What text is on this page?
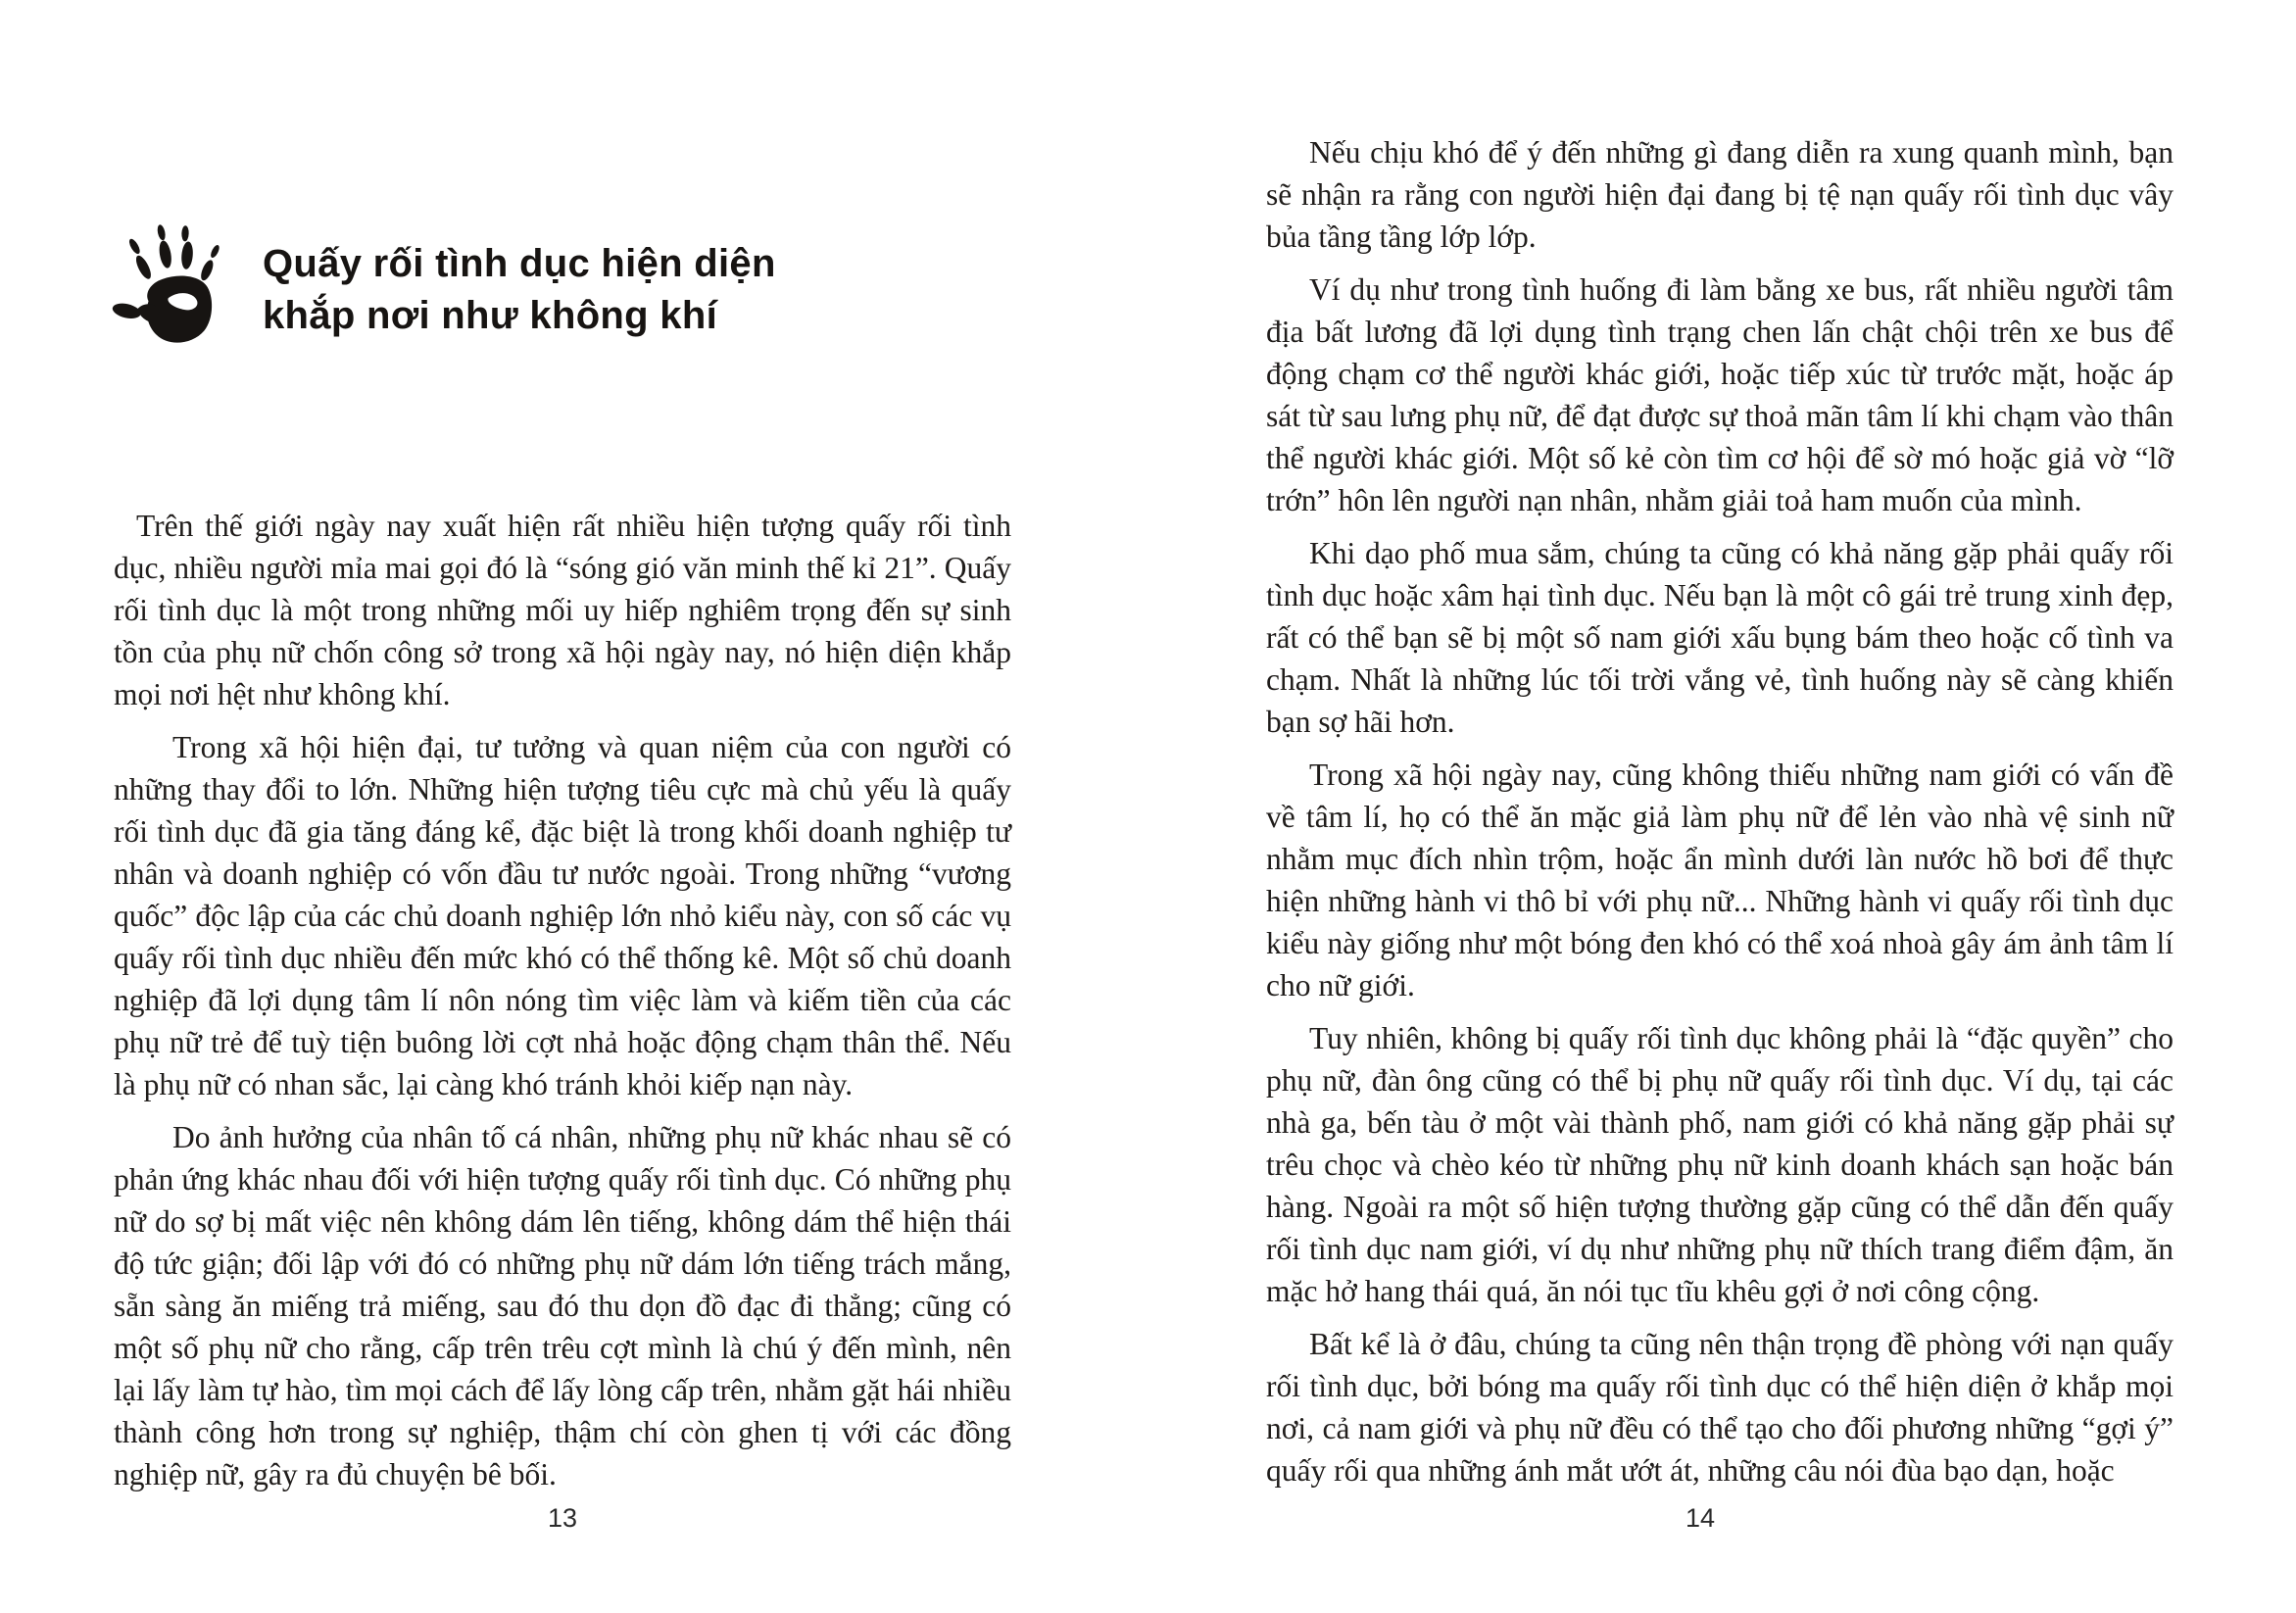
Quấy rối tình dục hiện diện
khắp nơi như không khí

Trên thế giới ngày nay xuất hiện rất nhiều hiện tượng quấy rối tình dục, nhiều người mỉa mai gọi đó là “sóng gió văn minh thế kỉ 21”. Quấy rối tình dục là một trong những mối uy hiếp nghiêm trọng đến sự sinh tồn của phụ nữ chốn công sở trong xã hội ngày nay, nó hiện diện khắp mọi nơi hệt như không khí.

Trong xã hội hiện đại, tư tưởng và quan niệm của con người có những thay đổi to lớn. Những hiện tượng tiêu cực mà chủ yếu là quấy rối tình dục đã gia tăng đáng kể, đặc biệt là trong khối doanh nghiệp tư nhân và doanh nghiệp có vốn đầu tư nước ngoài. Trong những “vương quốc” độc lập của các chủ doanh nghiệp lớn nhỏ kiểu này, con số các vụ quấy rối tình dục nhiều đến mức khó có thể thống kê. Một số chủ doanh nghiệp đã lợi dụng tâm lí nôn nóng tìm việc làm và kiếm tiền của các phụ nữ trẻ để tuỳ tiện buông lời cợt nhả hoặc động chạm thân thể. Nếu là phụ nữ có nhan sắc, lại càng khó tránh khỏi kiếp nạn này.

Do ảnh hưởng của nhân tố cá nhân, những phụ nữ khác nhau sẽ có phản ứng khác nhau đối với hiện tượng quấy rối tình dục. Có những phụ nữ do sợ bị mất việc nên không dám lên tiếng, không dám thể hiện thái độ tức giận; đối lập với đó có những phụ nữ dám lớn tiếng trách mắng, sẵn sàng ăn miếng trả miếng, sau đó thu dọn đồ đạc đi thẳng; cũng có một số phụ nữ cho rằng, cấp trên trêu cợt mình là chú ý đến mình, nên lại lấy làm tự hào, tìm mọi cách để lấy lòng cấp trên, nhằm gặt hái nhiều thành công hơn trong sự nghiệp, thậm chí còn ghen tị với các đồng nghiệp nữ, gây ra đủ chuyện bê bối.

13

Nếu chịu khó để ý đến những gì đang diễn ra xung quanh mình, bạn sẽ nhận ra rằng con người hiện đại đang bị tệ nạn quấy rối tình dục vây bủa tầng tầng lớp lớp.

Ví dụ như trong tình huống đi làm bằng xe bus, rất nhiều người tâm địa bất lương đã lợi dụng tình trạng chen lấn chật chội trên xe bus để động chạm cơ thể người khác giới, hoặc tiếp xúc từ trước mặt, hoặc áp sát từ sau lưng phụ nữ, để đạt được sự thoả mãn tâm lí khi chạm vào thân thể người khác giới. Một số kẻ còn tìm cơ hội để sờ mó hoặc giả vờ “lỡ trớn” hôn lên người nạn nhân, nhằm giải toả ham muốn của mình.

Khi dạo phố mua sắm, chúng ta cũng có khả năng gặp phải quấy rối tình dục hoặc xâm hại tình dục. Nếu bạn là một cô gái trẻ trung xinh đẹp, rất có thể bạn sẽ bị một số nam giới xấu bụng bám theo hoặc cố tình va chạm. Nhất là những lúc tối trời vắng vẻ, tình huống này sẽ càng khiến bạn sợ hãi hơn.

Trong xã hội ngày nay, cũng không thiếu những nam giới có vấn đề về tâm lí, họ có thể ăn mặc giả làm phụ nữ để lẻn vào nhà vệ sinh nữ nhằm mục đích nhìn trộm, hoặc ẩn mình dưới làn nước hồ bơi để thực hiện những hành vi thô bỉ với phụ nữ... Những hành vi quấy rối tình dục kiểu này giống như một bóng đen khó có thể xoá nhoà gây ám ảnh tâm lí cho nữ giới.

Tuy nhiên, không bị quấy rối tình dục không phải là “đặc quyền” cho phụ nữ, đàn ông cũng có thể bị phụ nữ quấy rối tình dục. Ví dụ, tại các nhà ga, bến tàu ở một vài thành phố, nam giới có khả năng gặp phải sự trêu chọc và chèo kéo từ những phụ nữ kinh doanh khách sạn hoặc bán hàng. Ngoài ra một số hiện tượng thường gặp cũng có thể dẫn đến quấy rối tình dục nam giới, ví dụ như những phụ nữ thích trang điểm đậm, ăn mặc hở hang thái quá, ăn nói tục tĩu khêu gợi ở nơi công cộng.

Bất kể là ở đâu, chúng ta cũng nên thận trọng đề phòng với nạn quấy rối tình dục, bởi bóng ma quấy rối tình dục có thể hiện diện ở khắp mọi nơi, cả nam giới và phụ nữ đều có thể tạo cho đối phương những “gợi ý” quấy rối qua những ánh mắt ướt át, những câu nói đùa bạo dạn, hoặc

14
